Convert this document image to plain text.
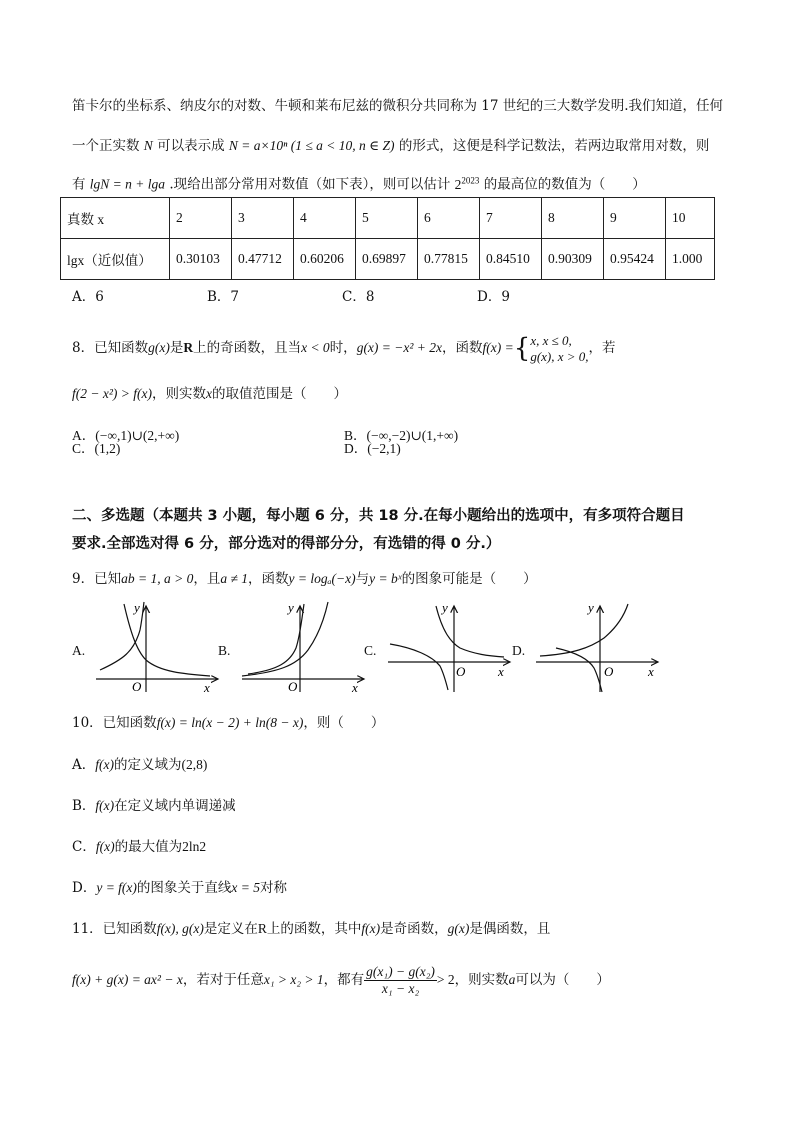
笛卡尔的坐标系、纳皮尔的对数、牛顿和莱布尼兹的微积分共同称为 17 世纪的三大数学发明.我们知道，任何
一个正实数 N 可以表示成 N = a×10ⁿ (1 ≤ a < 10, n ∈ Z) 的形式，这便是科学记数法，若两边取常用对数，则
有 lgN = n + lga .现给出部分常用对数值（如下表），则可以估计 $2^{2023}$ 的最高位的数值为（　　）
真数 x	2	3	4	5	6	7	8	9	10
lgx（近似值）	0.30103	0.47712	0.60206	0.69897	0.77815	0.84510	0.90309	0.95424	1.000
A．6	B．7	C．8	D．9
8．已知函数g(x)是R上的奇函数，且当x < 0时，g(x) = −x² + 2x，函数f(x) ={ x, x ≤ 0,
g(x), x > 0, ，若
f(2 − x²) > f(x)，则实数x的取值范围是（　　）
A．(−∞,1)∪(2,+∞)	B．(−∞,−2)∪(1,+∞)
C．(1,2)	D．(−2,1)
二、多选题（本题共 3 小题，每小题 6 分，共 18 分.在每小题给出的选项中，有多项符合题目
要求.全部选对得 6 分，部分选对的得部分分，有选错的得 0 分.）
9．已知ab = 1, a > 0，且a ≠ 1，函数y = logₐ(−x)与y = bˣ的图象可能是（　　）
A.	B.	C.	D.
O	x
y
O	x
y
O	x
y
O	x
y
10．已知函数f(x) = ln(x − 2) + ln(8 − x)，则（　　）
A．f(x)的定义域为(2,8)
B．f(x)在定义域内单调递减
C．f(x)的最大值为2ln2
D．y = f(x)的图象关于直线x = 5对称
11．已知函数f(x), g(x)是定义在R上的函数，其中f(x)是奇函数，g(x)是偶函数，且
f(x) + g(x) = ax² − x，若对于任意x₁ > x₂ > 1，都有 $\frac{\text{g(x₁) − g(x₂)}}{\text{x₁ − x₂}} > 2$，则实数a可以为（　　）
